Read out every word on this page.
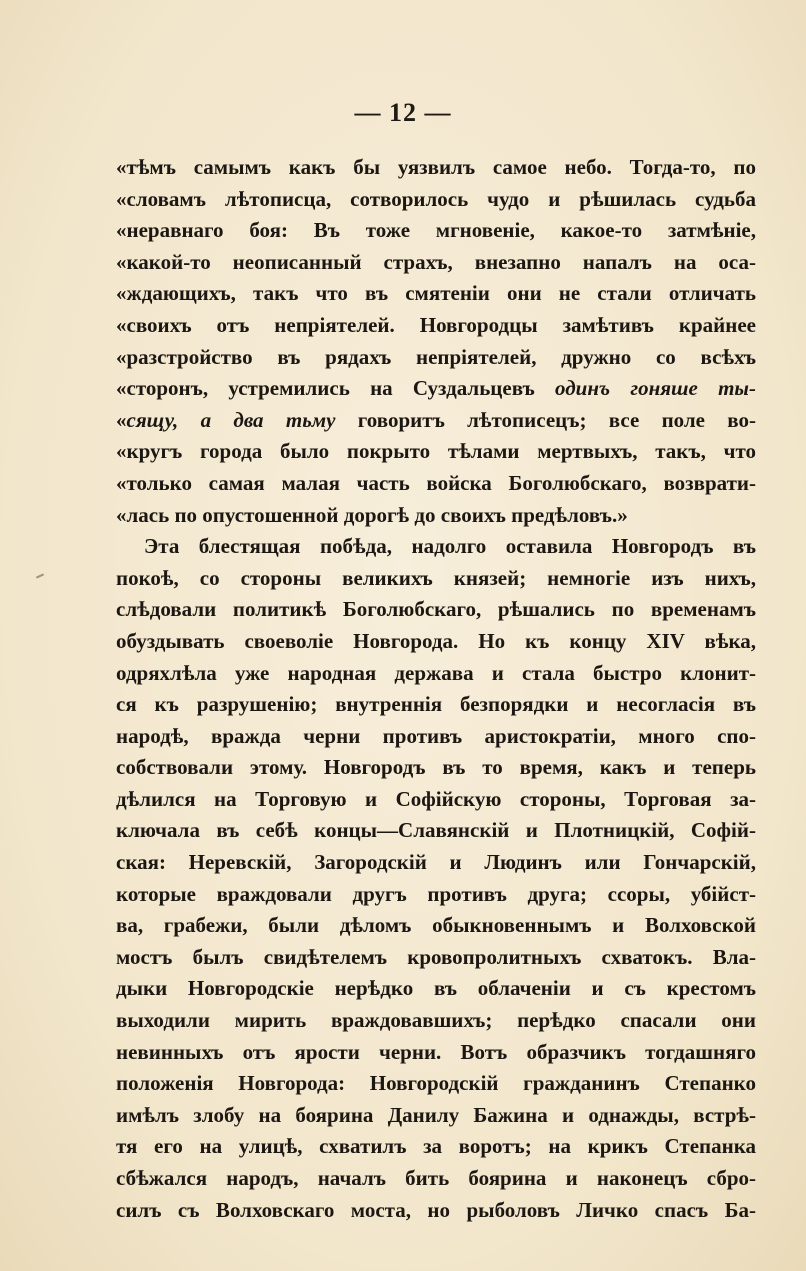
— 12 —
«тѣмъ самымъ какъ бы уязвилъ самое небо. Тогда-то, по
«словамъ лѣтописца, сотворилось чудо и рѣшилась судьба
«неравнаго боя: Въ тоже мгновеніе, какое-то затмѣніе,
«какой-то неописанный страхъ, внезапно напалъ на оса-
«ждающихъ, такъ что въ смятеніи они не стали отличать
«своихъ отъ непріятелей. Новгородцы замѣтивъ крайнее
«разстройство въ рядахъ непріятелей, дружно со всѣхъ
«сторонъ, устремились на Суздальцевъ одинъ гоняше ты-
«сящу, а два тьму говоритъ лѣтописецъ; все поле во-
«кругъ города было покрыто тѣлами мертвыхъ, такъ, что
«только самая малая часть войска Боголюбскаго, возврати-
«лась по опустошенной дорогѣ до своихъ предѣловъ.»
Эта блестящая побѣда, надолго оставила Новгородъ въ
покоѣ, со стороны великихъ князей; немногіе изъ нихъ,
слѣдовали политикѣ Боголюбскаго, рѣшались по временамъ
обуздывать своеволіе Новгорода. Но къ концу XIV вѣка,
одряхлѣла уже народная держава и стала быстро клонит-
ся къ разрушенію; внутреннія безпорядки и несогласія въ
народѣ, вражда черни противъ аристократіи, много спо-
собствовали этому. Новгородъ въ то время, какъ и теперь
дѣлился на Торговую и Софійскую стороны, Торговая за-
ключала въ себѣ концы—Славянскій и Плотницкій, Софій-
ская: Неревскій, Загородскій и Людинъ или Гончарскій,
которые враждовали другъ противъ друга; ссоры, убійст-
ва, грабежи, были дѣломъ обыкновеннымъ и Волховской
мостъ былъ свидѣтелемъ кровопролитныхъ схватокъ. Вла-
дыки Новгородскіе нерѣдко въ облаченіи и съ крестомъ
выходили мирить враждовавшихъ; перѣдко спасали они
невинныхъ отъ ярости черни. Вотъ образчикъ тогдашняго
положенія Новгорода: Новгородскій гражданинъ Степанко
имѣлъ злобу на боярина Данилу Бажина и однажды, встрѣ-
тя его на улицѣ, схватилъ за воротъ; на крикъ Степанка
сбѣжался народъ, началъ бить боярина и наконецъ сбро-
силъ съ Волховскаго моста, но рыболовъ Личко спасъ Ба-
